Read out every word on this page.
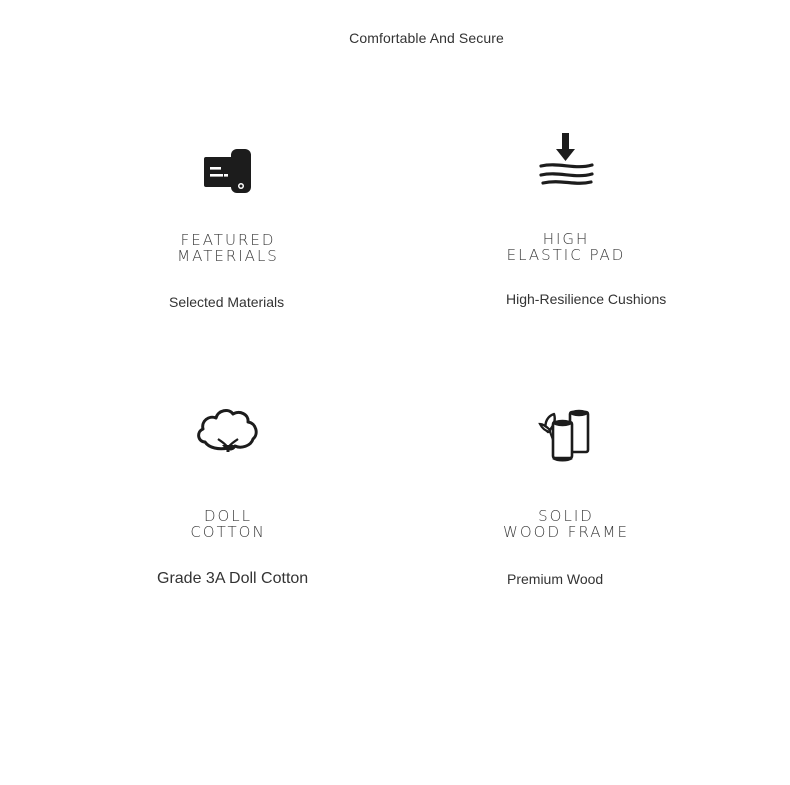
Comfortable And Secure
FEATURED
MATERIALS
Selected Materials
HIGH
ELASTIC PAD
High-Resilience Cushions
DOLL
COTTON
Grade 3A Doll Cotton
SOLID
WOOD FRAME
Premium Wood
